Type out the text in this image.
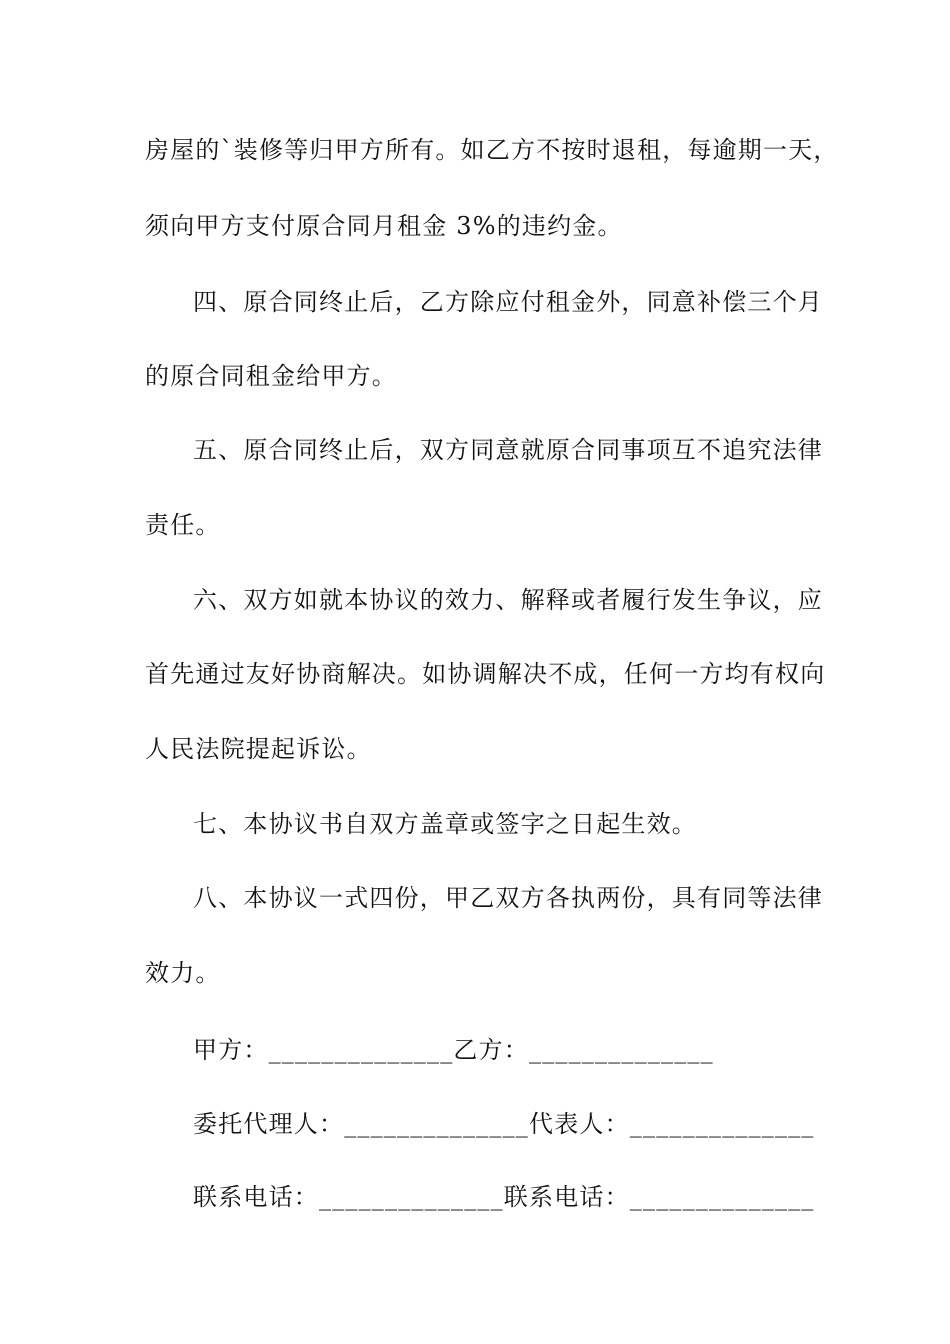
房屋的`装修等归甲方所有。如乙方不按时退租，每逾期一天，
须向甲方支付原合同月租金 3%的违约金。
四、原合同终止后，乙方除应付租金外，同意补偿三个月
的原合同租金给甲方。
五、原合同终止后，双方同意就原合同事项互不追究法律
责任。
六、双方如就本协议的效力、解释或者履行发生争议，应
首先通过友好协商解决。如协调解决不成，任何一方均有权向
人民法院提起诉讼。
七、本协议书自双方盖章或签字之日起生效。
八、本协议一式四份，甲乙双方各执两份，具有同等法律
效力。
甲方：______________乙方：______________
委托代理人：______________代表人：______________
联系电话：______________联系电话：______________
